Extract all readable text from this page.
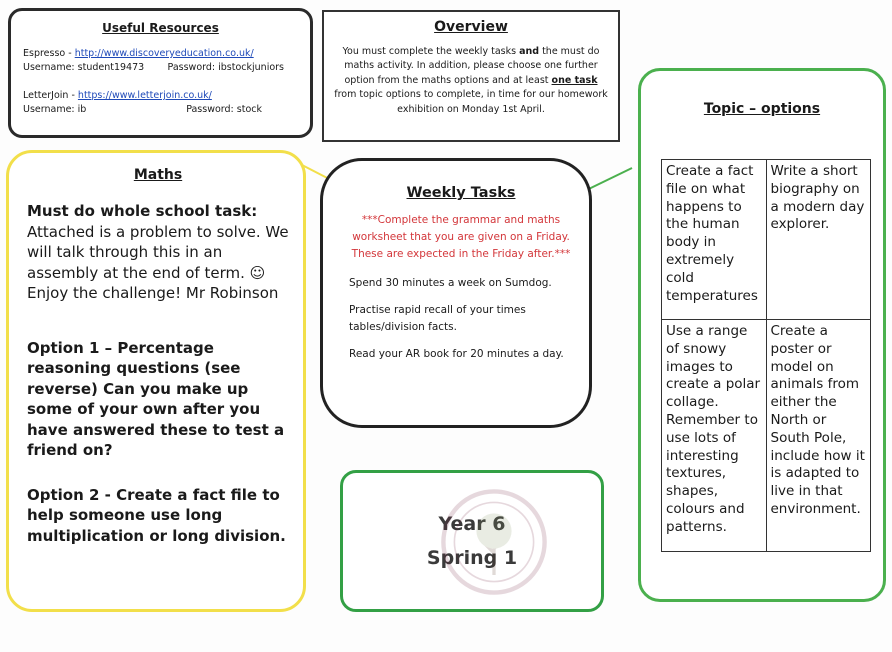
Useful Resources
Espresso - http://www.discoveryeducation.co.uk/
Username: student19473 Password: ibstockjuniors
LetterJoin - https://www.letterjoin.co.uk/
Username: ib	Password: stock
Overview
You must complete the weekly tasks and the must do maths activity. In addition, please choose one further option from the maths options and at least one task from topic options to complete, in time for our homework exhibition on Monday 1st April.
Maths

Must do whole school task:

Attached is a problem to solve. We will talk through this in an assembly at the end of term. ☺ Enjoy the challenge! Mr Robinson

Option 1 – Percentage reasoning questions (see reverse) Can you make up some of your own after you have answered these to test a friend on?

Option 2 - Create a fact file to help someone use long multiplication or long division.

Weekly Tasks

***Complete the grammar and maths worksheet that you are given on a Friday. These are expected in the Friday after.***

Spend 30 minutes a week on Sumdog.

Practise rapid recall of your times tables/division facts.

Read your AR book for 20 minutes a day.

Year 6
Spring 1
Topic – options
Create a fact file on what happens to the human body in extremely cold temperatures	Write a short biography on a modern day explorer.
Use a range of snowy images to create a polar collage. Remember to use lots of interesting textures, shapes, colours and patterns.	Create a poster or model on animals from either the North or South Pole, include how it is adapted to live in that environment.
